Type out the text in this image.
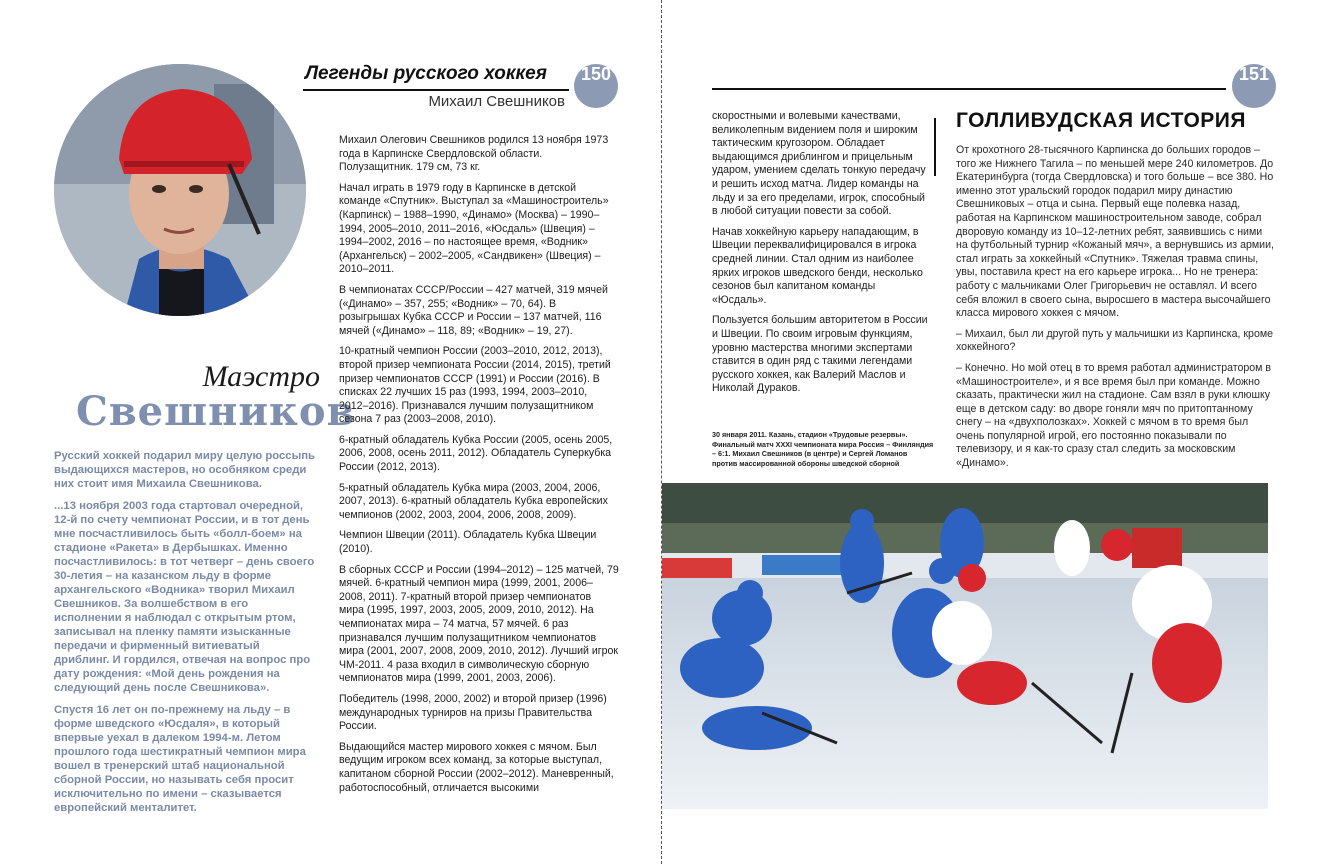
Легенды русского хоккея
Михаил Свешников
150
Маэстро
Свешников

Русский хоккей подарил миру целую россыпь выдающихся мастеров, но особняком среди них стоит имя Михаила Свешникова.

...13 ноября 2003 года стартовал очередной, 12-й по счету чемпионат России, и в тот день мне посчастливилось быть «болл-боем» на стадионе «Ракета» в Дербышках. Именно посчастливилось: в тот четверг – день своего 30-летия – на казанском льду в форме архангельского «Водника» творил Михаил Свешников. За волшебством в его исполнении я наблюдал с открытым ртом, записывал на пленку памяти изысканные передачи и фирменный витиеватый дриблинг. И гордился, отвечая на вопрос про дату рождения: «Мой день рождения на следующий день после Свешникова».

Спустя 16 лет он по-прежнему на льду – в форме шведского «Юсдаля», в который впервые уехал в далеком 1994-м. Летом прошлого года шестикратный чемпион мира вошел в тренерский штаб национальной сборной России, но называть себя просит исключительно по имени – сказывается европейский менталитет.

Михаил Олегович Свешников родился 13 ноября 1973 года в Карпинске Свердловской области. Полузащитник. 179 см, 73 кг.

Начал играть в 1979 году в Карпинске в детской команде «Спутник». Выступал за «Машиностроитель» (Карпинск) – 1988–1990, «Динамо» (Москва) – 1990–1994, 2005–2010, 2011–2016, «Юсдаль» (Швеция) – 1994–2002, 2016 – по настоящее время, «Водник» (Архангельск) – 2002–2005, «Сандвикен» (Швеция) – 2010–2011.

В чемпионатах СССР/России – 427 матчей, 319 мячей («Динамо» – 357, 255; «Водник» – 70, 64). В розыгрышах Кубка СССР и России – 137 матчей, 116 мячей («Динамо» – 118, 89; «Водник» – 19, 27).

10-кратный чемпион России (2003–2010, 2012, 2013), второй призер чемпионата России (2014, 2015), третий призер чемпионатов СССР (1991) и России (2016). В списках 22 лучших 15 раз (1993, 1994, 2003–2010, 2012–2016). Признавался лучшим полузащитником сезона 7 раз (2003–2008, 2010).

6-кратный обладатель Кубка России (2005, осень 2005, 2006, 2008, осень 2011, 2012). Обладатель Суперкубка России (2012, 2013).

5-кратный обладатель Кубка мира (2003, 2004, 2006, 2007, 2013). 6-кратный обладатель Кубка европейских чемпионов (2002, 2003, 2004, 2006, 2008, 2009).

Чемпион Швеции (2011). Обладатель Кубка Швеции (2010).

В сборных СССР и России (1994–2012) – 125 матчей, 79 мячей. 6-кратный чемпион мира (1999, 2001, 2006–2008, 2011). 7-кратный второй призер чемпионатов мира (1995, 1997, 2003, 2005, 2009, 2010, 2012). На чемпионатах мира – 74 матча, 57 мячей. 6 раз признавался лучшим полузащитником чемпионатов мира (2001, 2007, 2008, 2009, 2010, 2012). Лучший игрок ЧМ-2011. 4 раза входил в символическую сборную чемпионатов мира (1999, 2001, 2003, 2006).

Победитель (1998, 2000, 2002) и второй призер (1996) международных турниров на призы Правительства России.

Выдающийся мастер мирового хоккея с мячом. Был ведущим игроком всех команд, за которые выступал, капитаном сборной России (2002–2012). Маневренный, работоспособный, отличается высокими

151

скоростными и волевыми качествами, великолепным видением поля и широким тактическим кругозором. Обладает выдающимся дриблингом и прицельным ударом, умением сделать тонкую передачу и решить исход матча. Лидер команды на льду и за его пределами, игрок, способный в любой ситуации повести за собой.

Начав хоккейную карьеру нападающим, в Швеции переквалифицировался в игрока средней линии. Стал одним из наиболее ярких игроков шведского бенди, несколько сезонов был капитаном команды «Юсдаль».

Пользуется большим авторитетом в России и Швеции. По своим игровым функциям, уровню мастерства многими экспертами ставится в один ряд с такими легендами русского хоккея, как Валерий Маслов и Николай Дураков.

30 января 2011. Казань, стадион «Трудовые резервы». Финальный матч XXXI чемпионата мира Россия – Финляндия – 6:1. Михаил Свешников (в центре) и Сергей Ломанов против массированной обороны шведской сборной
ГОЛЛИВУДСКАЯ ИСТОРИЯ

От крохотного 28-тысячного Карпинска до больших городов – того же Нижнего Тагила – по меньшей мере 240 километров. До Екатеринбурга (тогда Свердловска) и того больше – все 380. Но именно этот уральский городок подарил миру династию Свешниковых – отца и сына. Первый еще полевка назад, работая на Карпинском машиностроительном заводе, собрал дворовую команду из 10–12-летних ребят, заявившись с ними на футбольный турнир «Кожаный мяч», а вернувшись из армии, стал играть за хоккейный «Спутник». Тяжелая травма спины, увы, поставила крест на его карьере игрока... Но не тренера: работу с мальчиками Олег Григорьевич не оставлял. И всего себя вложил в своего сына, выросшего в мастера высочайшего класса мирового хоккея с мячом.

– Михаил, был ли другой путь у мальчишки из Карпинска, кроме хоккейного?

– Конечно. Но мой отец в то время работал администратором в «Машиностроителе», и я все время был при команде. Можно сказать, практически жил на стадионе. Сам взял в руки клюшку еще в детском саду: во дворе гоняли мяч по притоптанному снегу – на «двухполозках». Хоккей с мячом в то время был очень популярной игрой, его постоянно показывали по телевизору, и я как-то сразу стал следить за московским «Динамо».
